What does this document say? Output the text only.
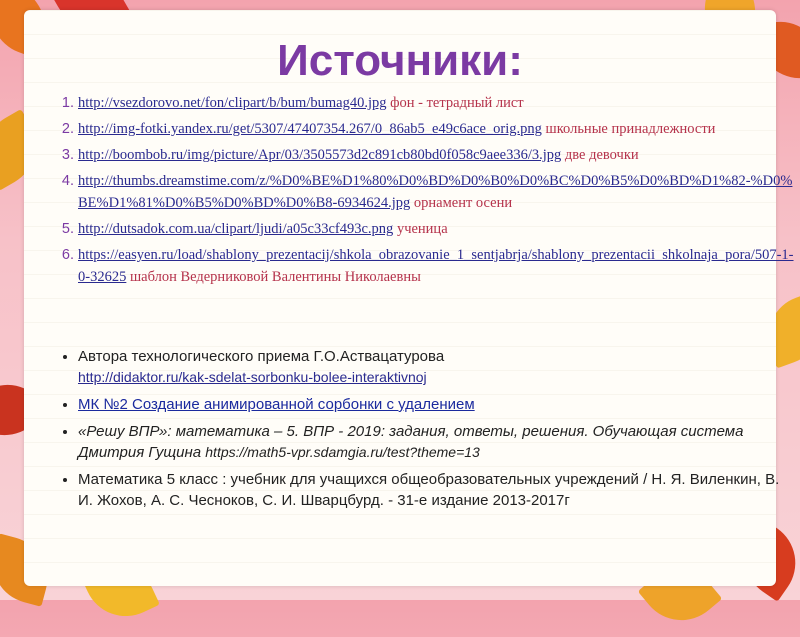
Источники:
1. http://vsezdorovo.net/fon/clipart/b/bum/bumag40.jpg фон - тетрадный лист
2. http://img-fotki.yandex.ru/get/5307/47407354.267/0_86ab5_e49c6ace_orig.png школьные принадлежности
3. http://boombob.ru/img/picture/Apr/03/3505573d2c891cb80bd0f058c9aee336/3.jpg две девочки
4. http://thumbs.dreamstime.com/z/%D0%BE%D1%80%D0%BD%D0%B0%D0%BC%D0%B5%D0%BD%D1%82-%D0%BE%D1%81%D0%B5%D0%BD%D0%B8-6934624.jpg орнамент осени
5. http://dutsadok.com.ua/clipart/ljudi/a05c33cf493c.png ученица
6. https://easyen.ru/load/shablony_prezentacij/shkola_obrazovanie_1_sentjabrja/shablony_prezentacii_shkolnaja_pora/507-1-0-32625 шаблон Ведерниковой Валентины Николаевны
• Автора технологического приема Г.О.Аствацатурова
http://didaktor.ru/kak-sdelat-sorbonku-bolee-interaktivnoj
• МК №2 Создание анимированной сорбонки с удалением
• «Решу ВПР»: математика – 5. ВПР - 2019: задания, ответы, решения. Обучающая система Дмитрия Гущина https://math5-vpr.sdamgia.ru/test?theme=13
• Математика 5 класс : учебник для учащихся общеобразовательных учреждений / Н. Я. Виленкин, В. И. Жохов, А. С. Чесноков, С. И. Шварцбурд. - 31-е издание 2013-2017г
